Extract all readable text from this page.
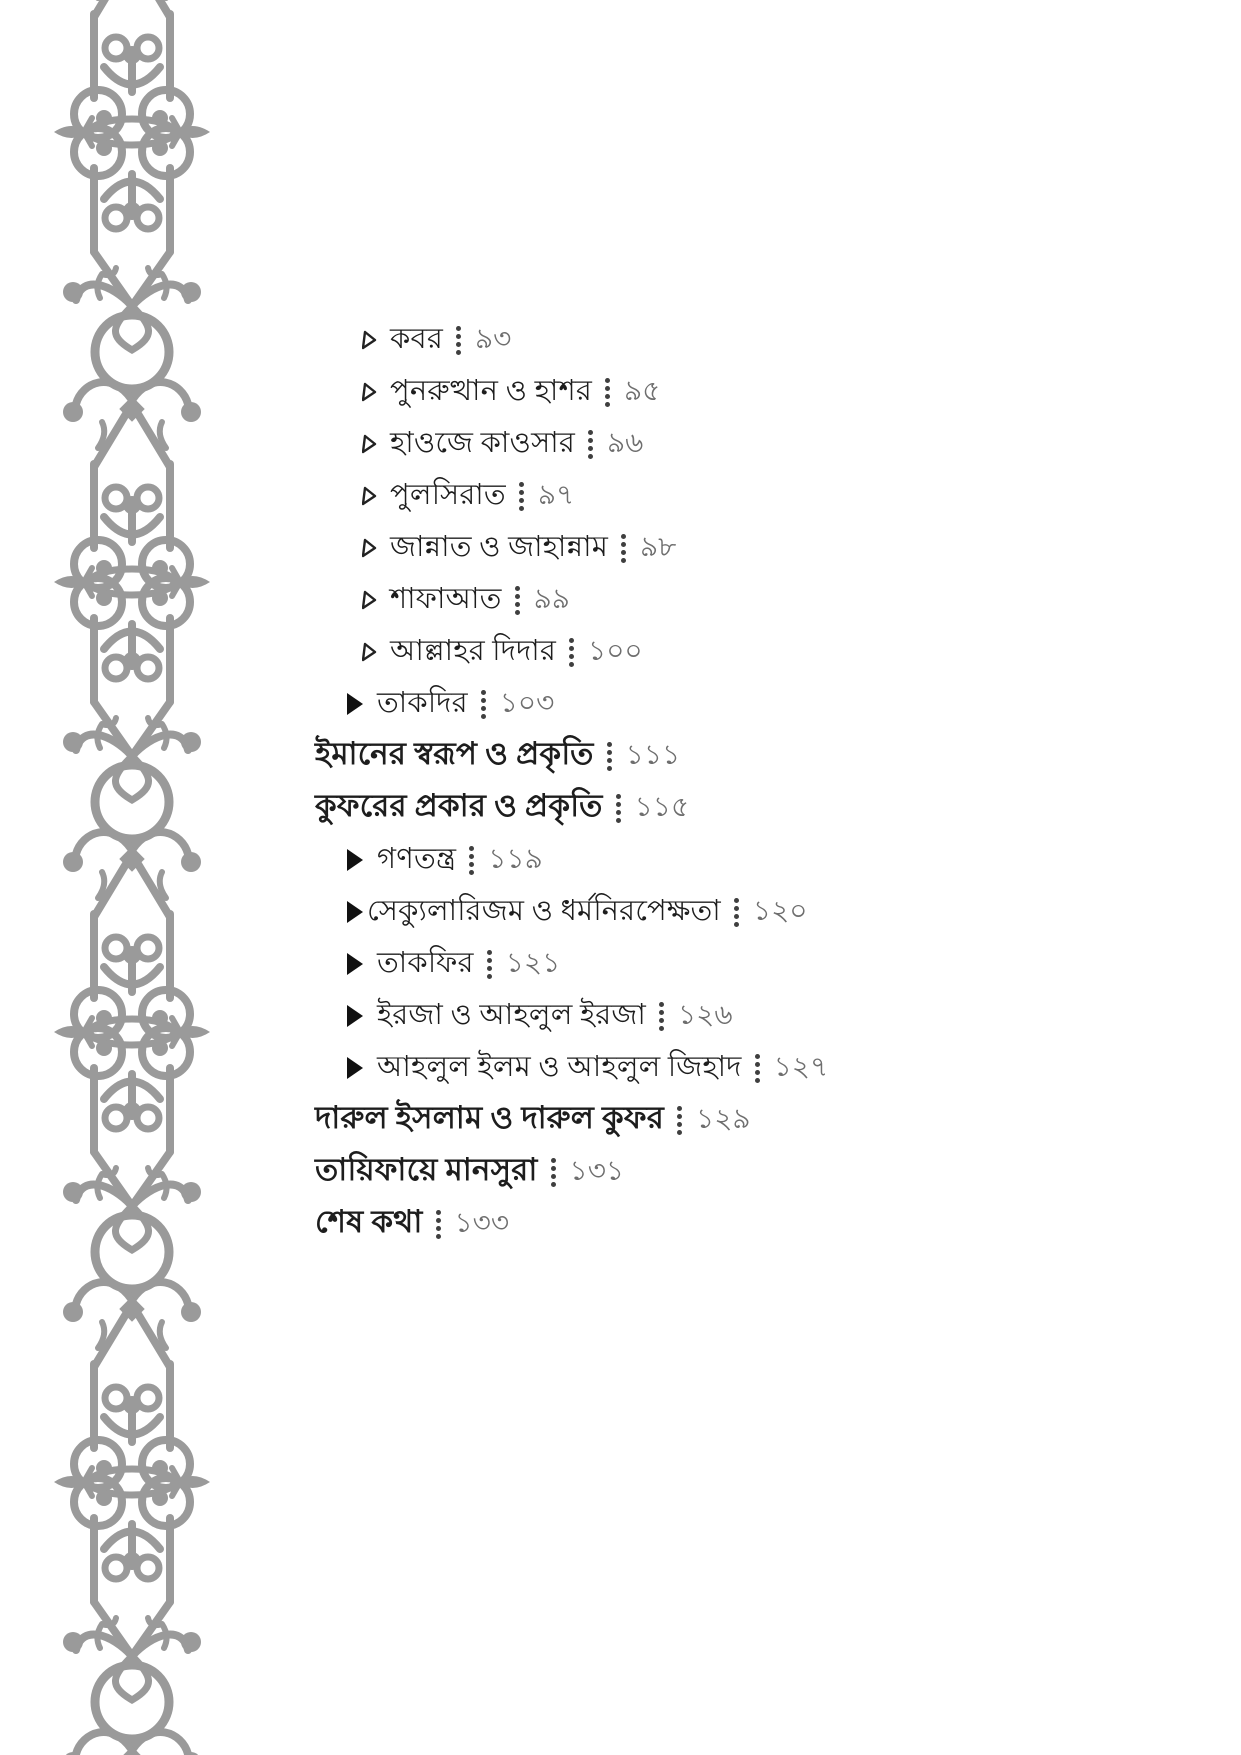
কবর ৯৩
পুনরুত্থান ও হাশর ৯৫
হাওজে কাওসার ৯৬
পুলসিরাত ৯৭
জান্নাত ও জাহান্নাম ৯৮
শাফাআত ৯৯
আল্লাহর দিদার ১০০
তাকদির ১০৩
ইমানের স্বরূপ ও প্রকৃতি ১১১
কুফরের প্রকার ও প্রকৃতি ১১৫
গণতন্ত্র ১১৯
সেক্যুলারিজম ও ধর্মনিরপেক্ষতা ১২০
তাকফির ১২১
ইরজা ও আহলুল ইরজা ১২৬
আহলুল ইলম ও আহলুল জিহাদ ১২৭
দারুল ইসলাম ও দারুল কুফর ১২৯
তায়িফায়ে মানসুরা ১৩১
শেষ কথা ১৩৩
